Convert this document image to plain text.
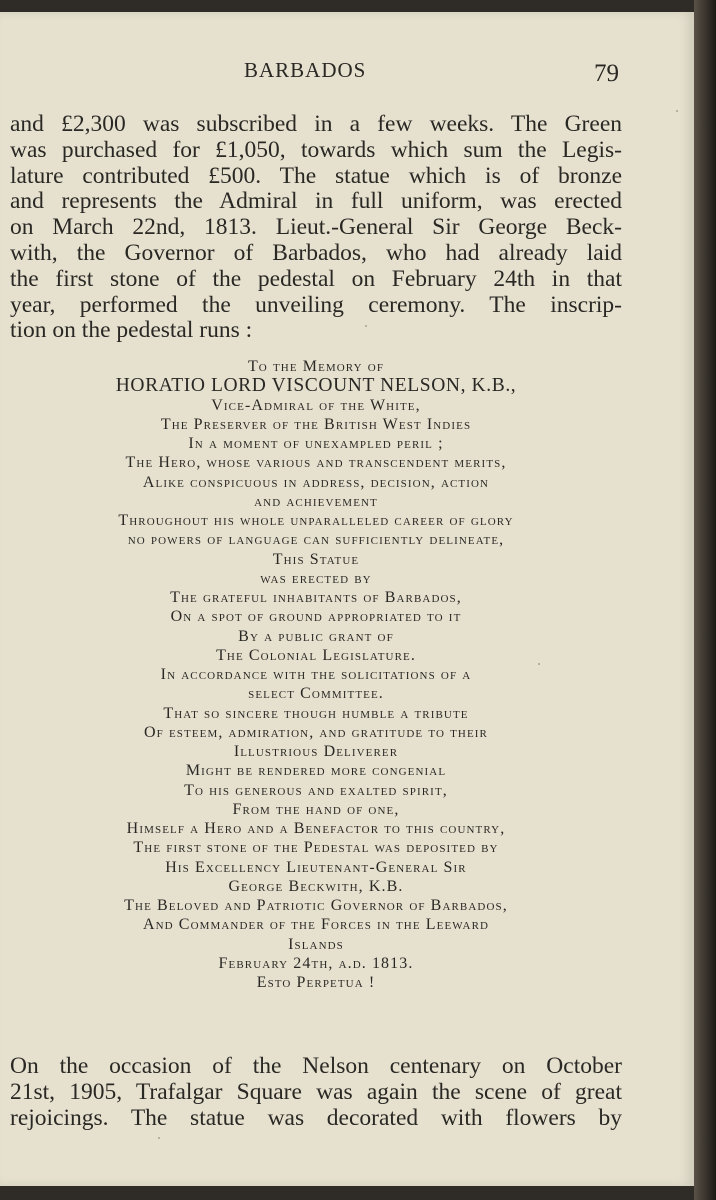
BARBADOS	79
and £2,300 was subscribed in a few weeks. The Green
was purchased for £1,050, towards which sum the Legis-
lature contributed £500. The statue which is of bronze
and represents the Admiral in full uniform, was erected
on March 22nd, 1813. Lieut.-General Sir George Beck-
with, the Governor of Barbados, who had already laid
the first stone of the pedestal on February 24th in that
year, performed the unveiling ceremony. The inscrip-
tion on the pedestal runs :
To the Memory of
HORATIO LORD VISCOUNT NELSON, K.B.,
Vice-Admiral of the White,
The Preserver of the British West Indies
In a moment of unexampled peril ;
The Hero, whose various and transcendent merits,
Alike conspicuous in address, decision, action
and achievement
Throughout his whole unparalleled career of glory
no powers of language can sufficiently delineate,
This Statue
was erected by
The grateful inhabitants of Barbados,
On a spot of ground appropriated to it
By a public grant of
The Colonial Legislature.
In accordance with the solicitations of a
select Committee.
That so sincere though humble a tribute
Of esteem, admiration, and gratitude to their
Illustrious Deliverer
Might be rendered more congenial
To his generous and exalted spirit,
From the hand of one,
Himself a Hero and a Benefactor to this country,
The first stone of the Pedestal was deposited by
His Excellency Lieutenant-General Sir
George Beckwith, K.B.
The Beloved and Patriotic Governor of Barbados,
And Commander of the Forces in the Leeward
Islands
February 24th, a.d. 1813.
Esto Perpetua !
On the occasion of the Nelson centenary on October
21st, 1905, Trafalgar Square was again the scene of great
rejoicings. The statue was decorated with flowers by
